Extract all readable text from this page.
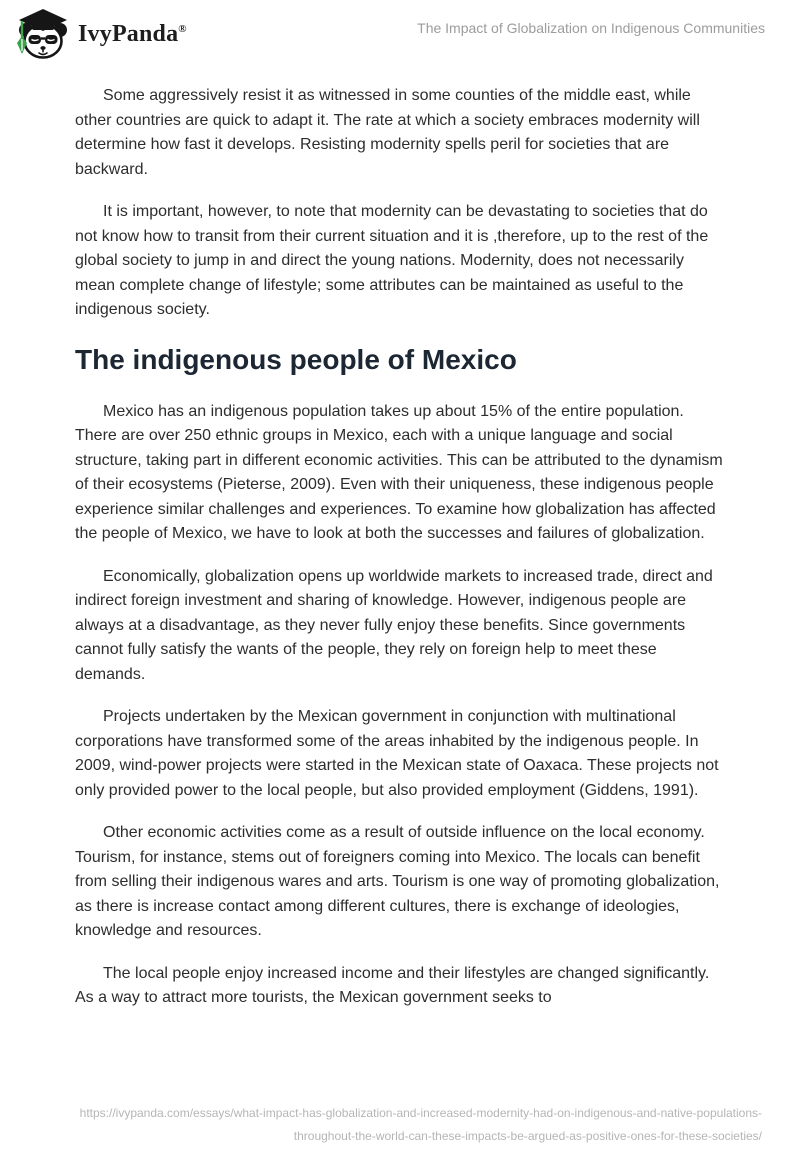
IvyPanda®	The Impact of Globalization on Indigenous Communities

Some aggressively resist it as witnessed in some counties of the middle east, while other countries are quick to adapt it. The rate at which a society embraces modernity will determine how fast it develops. Resisting modernity spells peril for societies that are backward.

It is important, however, to note that modernity can be devastating to societies that do not know how to transit from their current situation and it is ,therefore, up to the rest of the global society to jump in and direct the young nations. Modernity, does not necessarily mean complete change of lifestyle; some attributes can be maintained as useful to the indigenous society.

The indigenous people of Mexico

Mexico has an indigenous population takes up about 15% of the entire population. There are over 250 ethnic groups in Mexico, each with a unique language and social structure, taking part in different economic activities. This can be attributed to the dynamism of their ecosystems (Pieterse, 2009). Even with their uniqueness, these indigenous people experience similar challenges and experiences. To examine how globalization has affected the people of Mexico, we have to look at both the successes and failures of globalization.

Economically, globalization opens up worldwide markets to increased trade, direct and indirect foreign investment and sharing of knowledge. However, indigenous people are always at a disadvantage, as they never fully enjoy these benefits. Since governments cannot fully satisfy the wants of the people, they rely on foreign help to meet these demands.

Projects undertaken by the Mexican government in conjunction with multinational corporations have transformed some of the areas inhabited by the indigenous people. In 2009, wind-power projects were started in the Mexican state of Oaxaca. These projects not only provided power to the local people, but also provided employment (Giddens, 1991).

Other economic activities come as a result of outside influence on the local economy. Tourism, for instance, stems out of foreigners coming into Mexico. The locals can benefit from selling their indigenous wares and arts. Tourism is one way of promoting globalization, as there is increase contact among different cultures, there is exchange of ideologies, knowledge and resources.

The local people enjoy increased income and their lifestyles are changed significantly. As a way to attract more tourists, the Mexican government seeks to

https://ivypanda.com/essays/what-impact-has-globalization-and-increased-modernity-had-on-indigenous-and-native-populations-throughout-the-world-can-these-impacts-be-argued-as-positive-ones-for-these-societies/
